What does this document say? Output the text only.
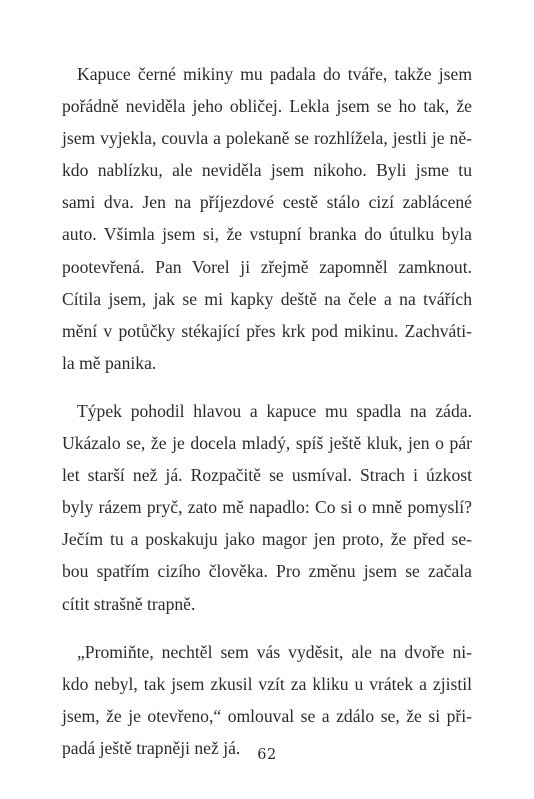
Kapuce černé mikiny mu padala do tváře, takže jsem
pořádně neviděla jeho obličej. Lekla jsem se ho tak, že
jsem vyjekla, couvla a polekaně se rozhlížela, jestli je ně-
kdo nablízku, ale neviděla jsem nikoho. Byli jsme tu
sami dva. Jen na příjezdové cestě stálo cizí zablácené
auto. Všimla jsem si, že vstupní branka do útulku byla
pootevřená. Pan Vorel ji zřejmě zapomněl zamknout.
Cítila jsem, jak se mi kapky deště na čele a na tvářích
mění v potůčky stékající přes krk pod mikinu. Zachváti-
la mě panika.
Týpek pohodil hlavou a kapuce mu spadla na záda.
Ukázalo se, že je docela mladý, spíš ještě kluk, jen o pár
let starší než já. Rozpačitě se usmíval. Strach i úzkost
byly rázem pryč, zato mě napadlo: Co si o mně pomyslí?
Ječím tu a poskakuju jako magor jen proto, že před se-
bou spatřím cizího člověka. Pro změnu jsem se začala
cítit strašně trapně.
„Promiňte, nechtěl sem vás vyděsit, ale na dvoře ni-
kdo nebyl, tak jsem zkusil vzít za kliku u vrátek a zjistil
jsem, že je otevřeno,“ omlouval se a zdálo se, že si při-
padá ještě trapněji než já.	62
